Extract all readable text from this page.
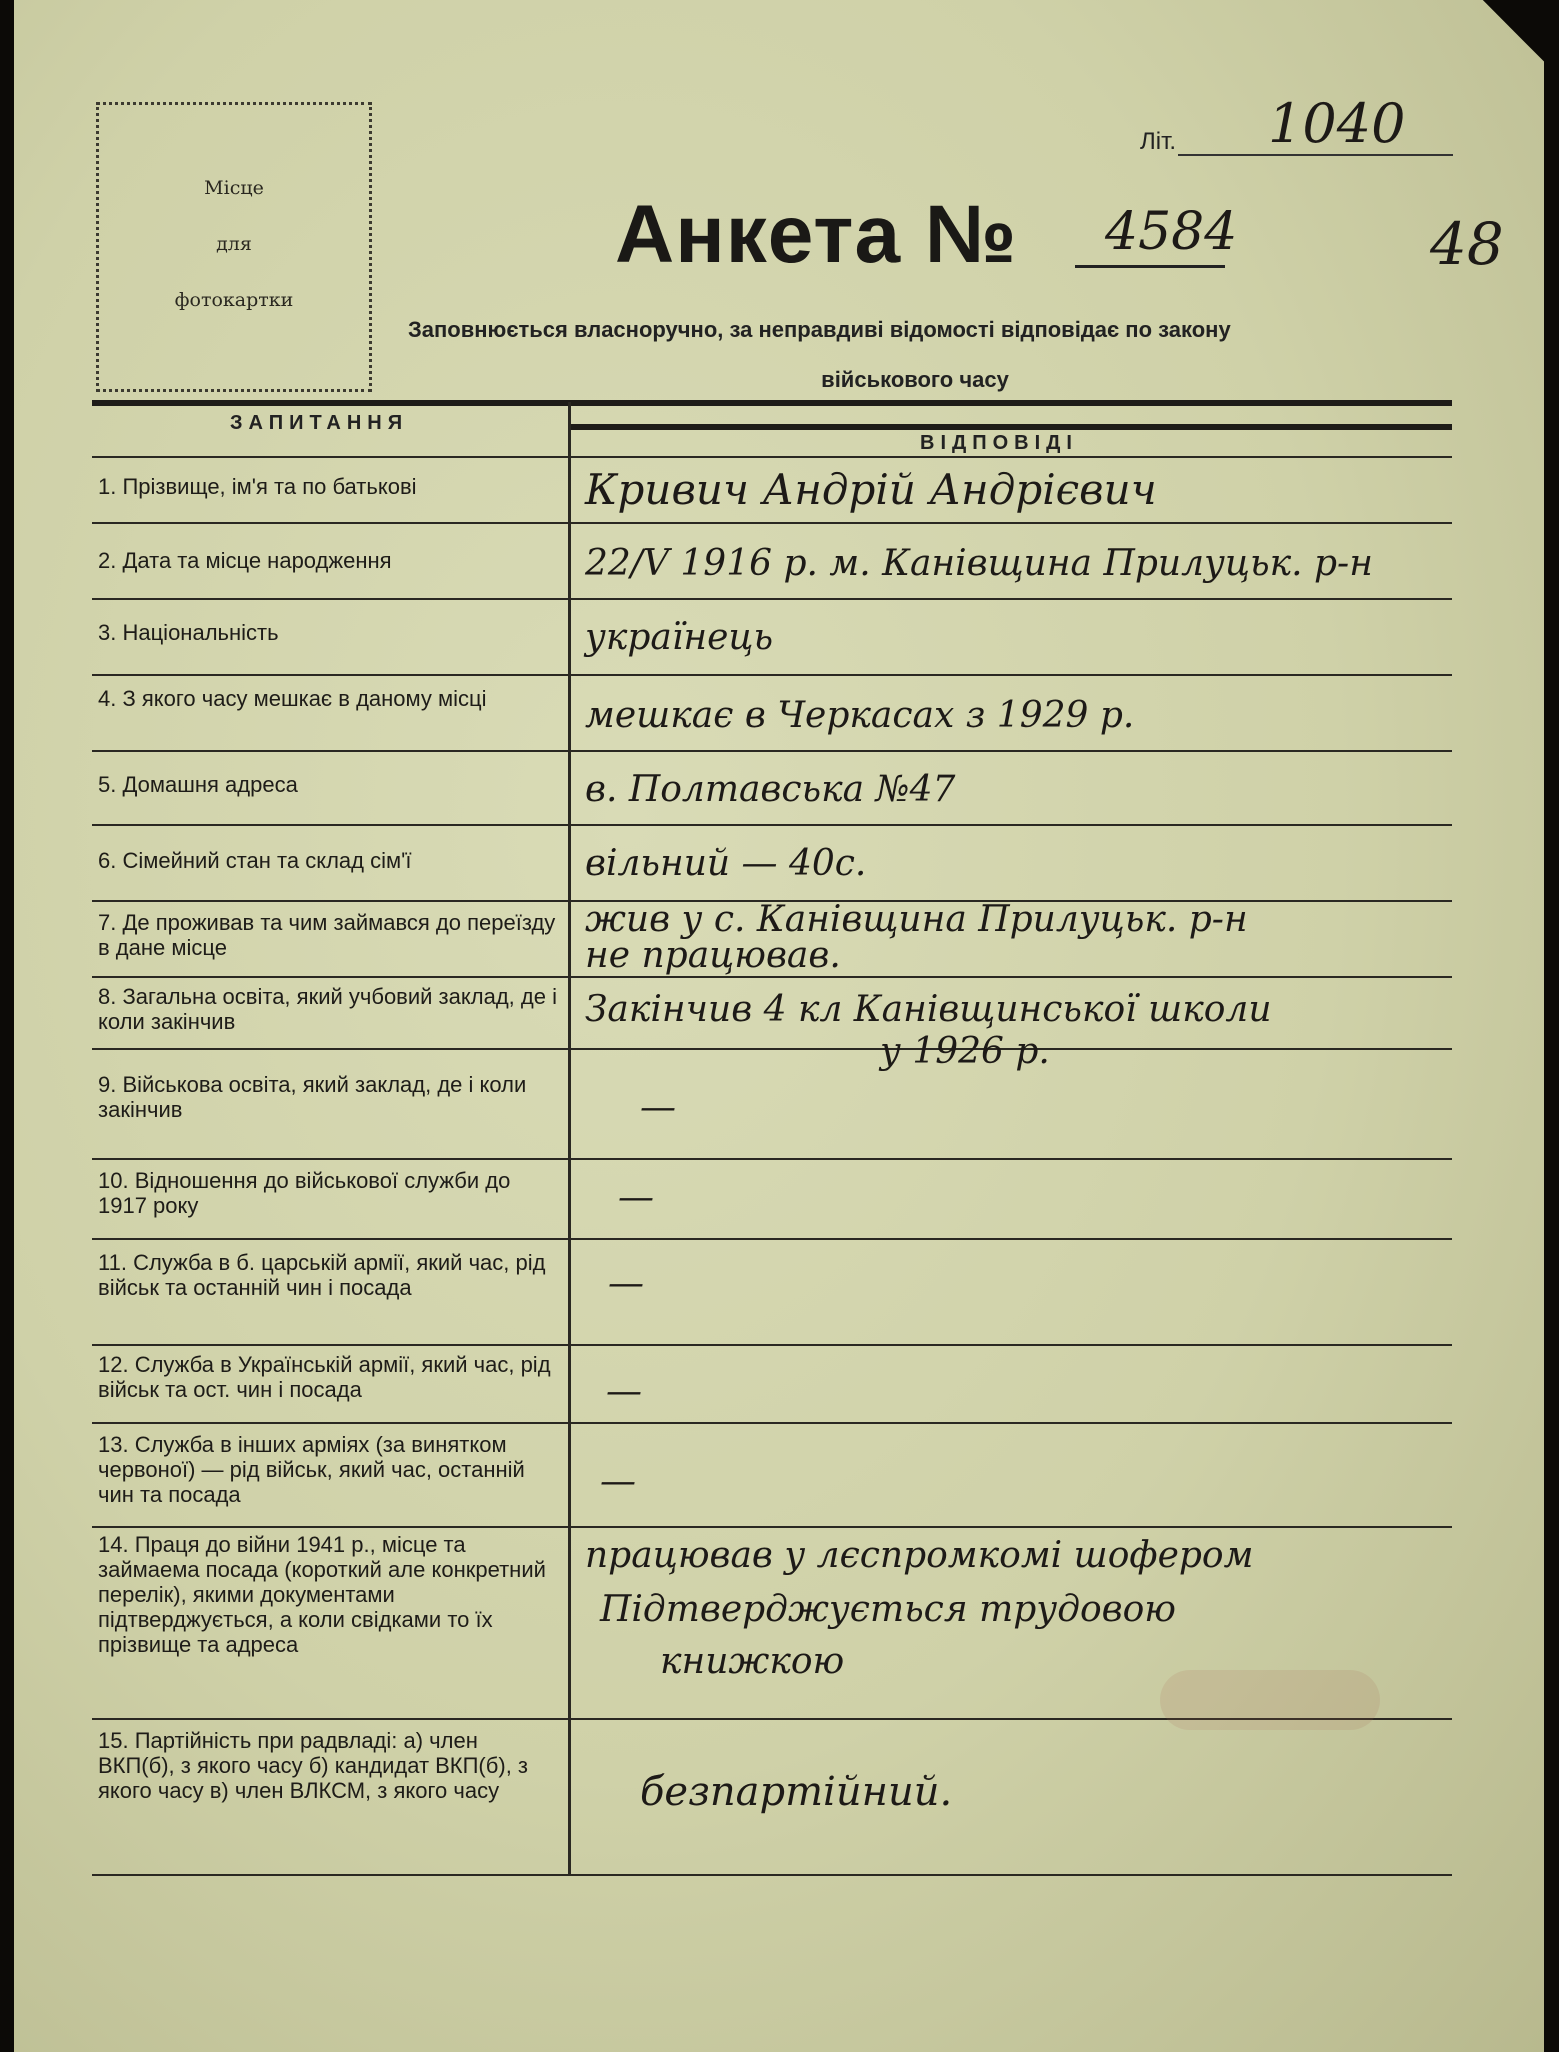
Місце
для
фотокартки
Літ. 1040
48
Анкета № 4584
Заповнюється власноручно, за неправдиві відомості відповідає по закону
військового часу
ЗАПИТАННЯ
ВІДПОВІДІ
1. Прізвище, ім'я та по батькові
2. Дата та місце народження
3. Національність
4. З якого часу мешкає в даному місці
5. Домашня адреса
6. Сімейний стан та склад сім'ї
7. Де проживав та чим займався до переїзду в дане місце
8. Загальна освіта, який учбовий заклад, де і коли закінчив
9. Військова освіта, який заклад, де і коли закінчив
10. Відношення до військової служби до 1917 року
11. Служба в б. царській армії, який час, рід військ та останній чин і посада
12. Служба в Українській армії, який час, рід військ та ост. чин і посада
13. Служба в інших арміях (за винятком червоної) — рід військ, який час, останній чин та посада
14. Праця до війни 1941 р., місце та займаема посада (короткий але конкретний перелік), якими документами підтверджується, а коли свідками то їх прізвище та адреса
15. Партійність при радвладі: а) член ВКП(б), з якого часу б) кандидат ВКП(б), з якого часу в) член ВЛКСМ, з якого часу
Кривич Андрій Андрієвич
22/V 1916 р. м. Канівщина Прилуцьк. р-н
українець
мешкає в Черкасах з 1929 р.
в. Полтавська №47
вільний — 40с.
жив у с. Канівщина Прилуцьк. р-н
не працював.
Закінчив 4 кл Канівщинської школи
у 1926 р.
—
—
—
—
—
працював у лєспромкомі шофером
Підтверджується трудовою
книжкою
безпартійний.
